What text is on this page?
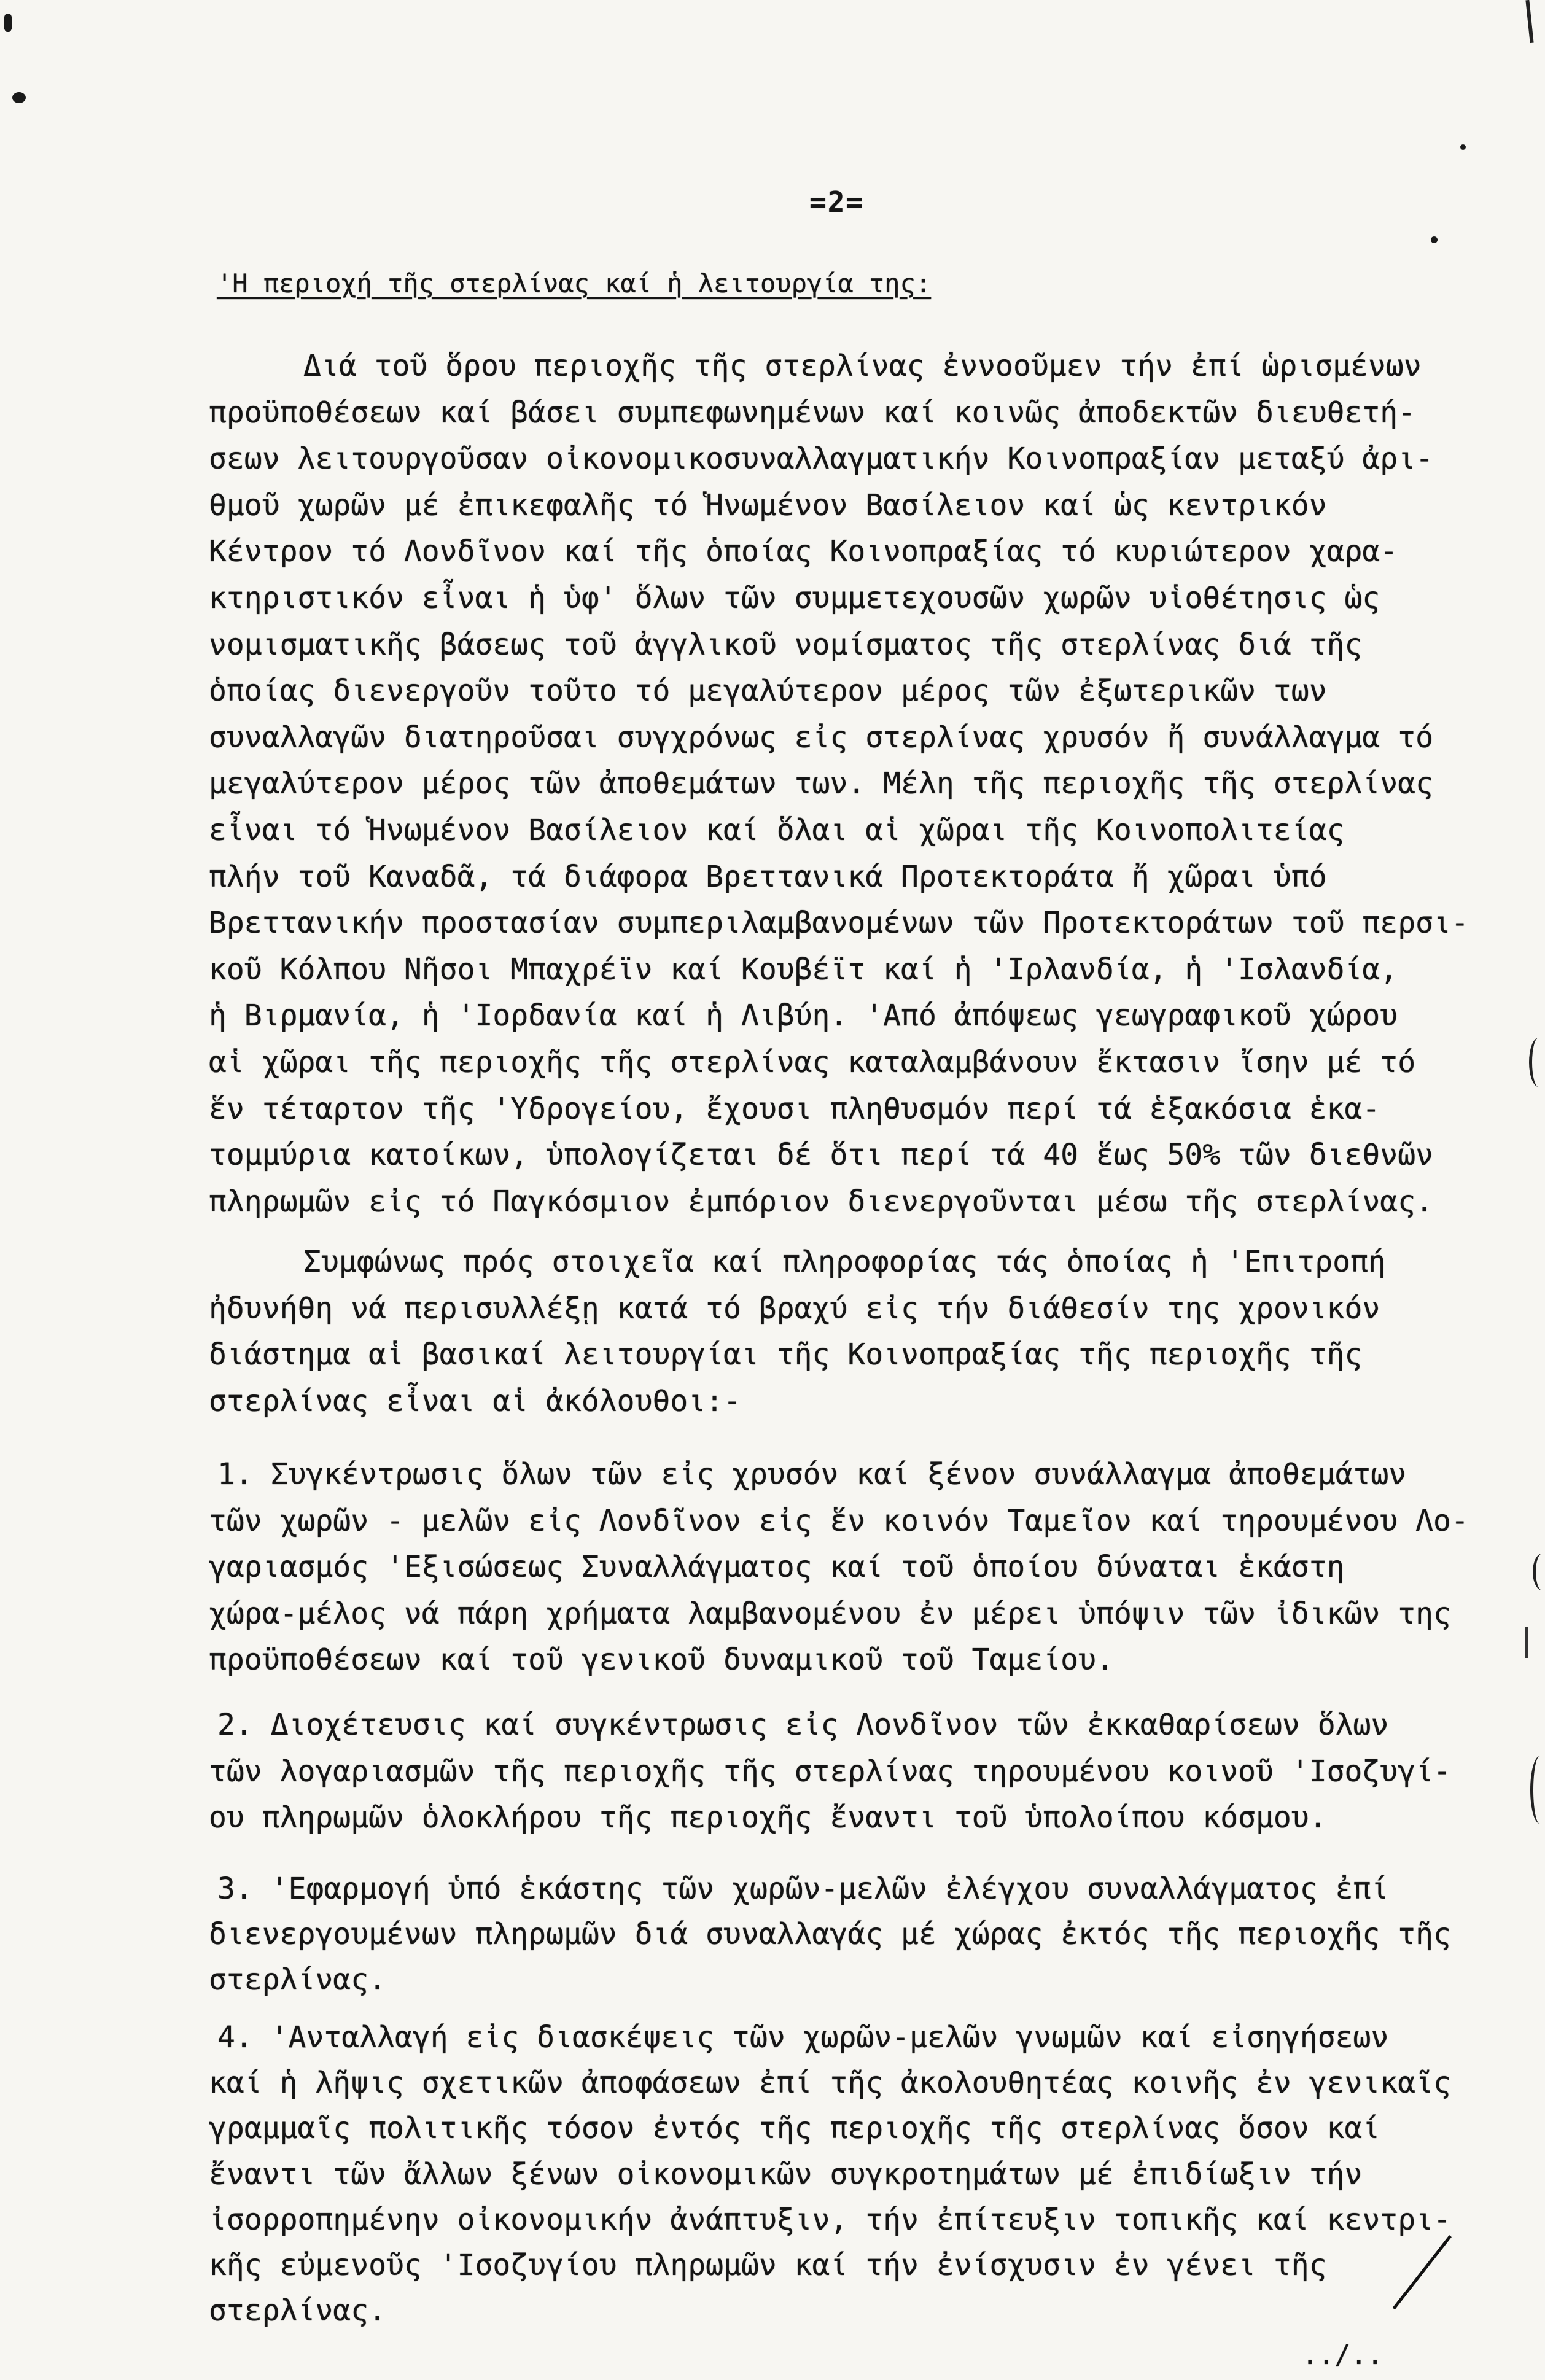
=2=
'Η περιοχή τῆς στερλίνας καί ἡ λειτουργία της:
Διά τοῦ ὅρου περιοχῆς τῆς στερλίνας ἐννοοῦμεν τήν ἐπί ὡρισμένων
προϋποθέσεων καί βάσει συμπεφωνημένων καί κοινῶς ἀποδεκτῶν διευθετή-
σεων λειτουργοῦσαν οἰκονομικοσυναλλαγματικήν Κοινοπραξίαν μεταξύ ἀρι-
θμοῦ χωρῶν μέ ἐπικεφαλῆς τό Ἡνωμένον Βασίλειον καί ὡς κεντρικόν
Κέντρον τό Λονδῖνον καί τῆς ὁποίας Κοινοπραξίας τό κυριώτερον χαρα-
κτηριστικόν εἶναι ἡ ὑφ' ὅλων τῶν συμμετεχουσῶν χωρῶν υἱοθέτησις ὡς
νομισματικῆς βάσεως τοῦ ἀγγλικοῦ νομίσματος τῆς στερλίνας διά τῆς
ὁποίας διενεργοῦν τοῦτο τό μεγαλύτερον μέρος τῶν ἐξωτερικῶν των
συναλλαγῶν διατηροῦσαι συγχρόνως εἰς στερλίνας χρυσόν ἤ συνάλλαγμα τό
μεγαλύτερον μέρος τῶν ἀποθεμάτων των. Μέλη τῆς περιοχῆς τῆς στερλίνας
εἶναι τό Ἡνωμένον Βασίλειον καί ὅλαι αἱ χῶραι τῆς Κοινοπολιτείας
πλήν τοῦ Καναδᾶ, τά διάφορα Βρεττανικά Προτεκτοράτα ἤ χῶραι ὑπό
Βρεττανικήν προστασίαν συμπεριλαμβανομένων τῶν Προτεκτοράτων τοῦ περσι-
κοῦ Κόλπου Νῆσοι Μπαχρέϊν καί Κουβέϊτ καί ἡ 'Ιρλανδία, ἡ 'Ισλανδία,
ἡ Βιρμανία, ἡ 'Ιορδανία καί ἡ Λιβύη. 'Από ἀπόψεως γεωγραφικοῦ χώρου
αἱ χῶραι τῆς περιοχῆς τῆς στερλίνας καταλαμβάνουν ἔκτασιν ἴσην μέ τό
ἕν τέταρτον τῆς 'Υδρογείου, ἔχουσι πληθυσμόν περί τά ἑξακόσια ἑκα-
τομμύρια κατοίκων, ὑπολογίζεται δέ ὅτι περί τά 40 ἕως 50% τῶν διεθνῶν
πληρωμῶν εἰς τό Παγκόσμιον ἐμπόριον διενεργοῦνται μέσω τῆς στερλίνας.
Συμφώνως πρός στοιχεῖα καί πληροφορίας τάς ὁποίας ἡ 'Επιτροπή
ἠδυνήθη νά περισυλλέξῃ κατά τό βραχύ εἰς τήν διάθεσίν της χρονικόν
διάστημα αἱ βασικαί λειτουργίαι τῆς Κοινοπραξίας τῆς περιοχῆς τῆς
στερλίνας εἶναι αἱ ἀκόλουθοι:-
1. Συγκέντρωσις ὅλων τῶν εἰς χρυσόν καί ξένον συνάλλαγμα ἀποθεμάτων
τῶν χωρῶν - μελῶν εἰς Λονδῖνον εἰς ἕν κοινόν Ταμεῖον καί τηρουμένου Λο-
γαριασμός 'Εξισώσεως Συναλλάγματος καί τοῦ ὁποίου δύναται ἑκάστη
χώρα-μέλος νά πάρη χρήματα λαμβανομένου ἐν μέρει ὑπόψιν τῶν ἰδικῶν της
προϋποθέσεων καί τοῦ γενικοῦ δυναμικοῦ τοῦ Ταμείου.
2. Διοχέτευσις καί συγκέντρωσις εἰς Λονδῖνον τῶν ἐκκαθαρίσεων ὅλων
τῶν λογαριασμῶν τῆς περιοχῆς τῆς στερλίνας τηρουμένου κοινοῦ 'Ισοζυγί-
ου πληρωμῶν ὁλοκλήρου τῆς περιοχῆς ἔναντι τοῦ ὑπολοίπου κόσμου.
3. 'Εφαρμογή ὑπό ἑκάστης τῶν χωρῶν-μελῶν ἐλέγχου συναλλάγματος ἐπί
διενεργουμένων πληρωμῶν διά συναλλαγάς μέ χώρας ἐκτός τῆς περιοχῆς τῆς
στερλίνας.
4. 'Ανταλλαγή εἰς διασκέψεις τῶν χωρῶν-μελῶν γνωμῶν καί εἰσηγήσεων
καί ἡ λῆψις σχετικῶν ἀποφάσεων ἐπί τῆς ἀκολουθητέας κοινῆς ἐν γενικαῖς
γραμμαῖς πολιτικῆς τόσον ἐντός τῆς περιοχῆς τῆς στερλίνας ὅσον καί
ἔναντι τῶν ἄλλων ξένων οἰκονομικῶν συγκροτημάτων μέ ἐπιδίωξιν τήν
ἰσορροπημένην οἰκονομικήν ἀνάπτυξιν, τήν ἐπίτευξιν τοπικῆς καί κεντρι-
κῆς εὐμενοῦς 'Ισοζυγίου πληρωμῶν καί τήν ἐνίσχυσιν ἐν γένει τῆς
στερλίνας.
../..
